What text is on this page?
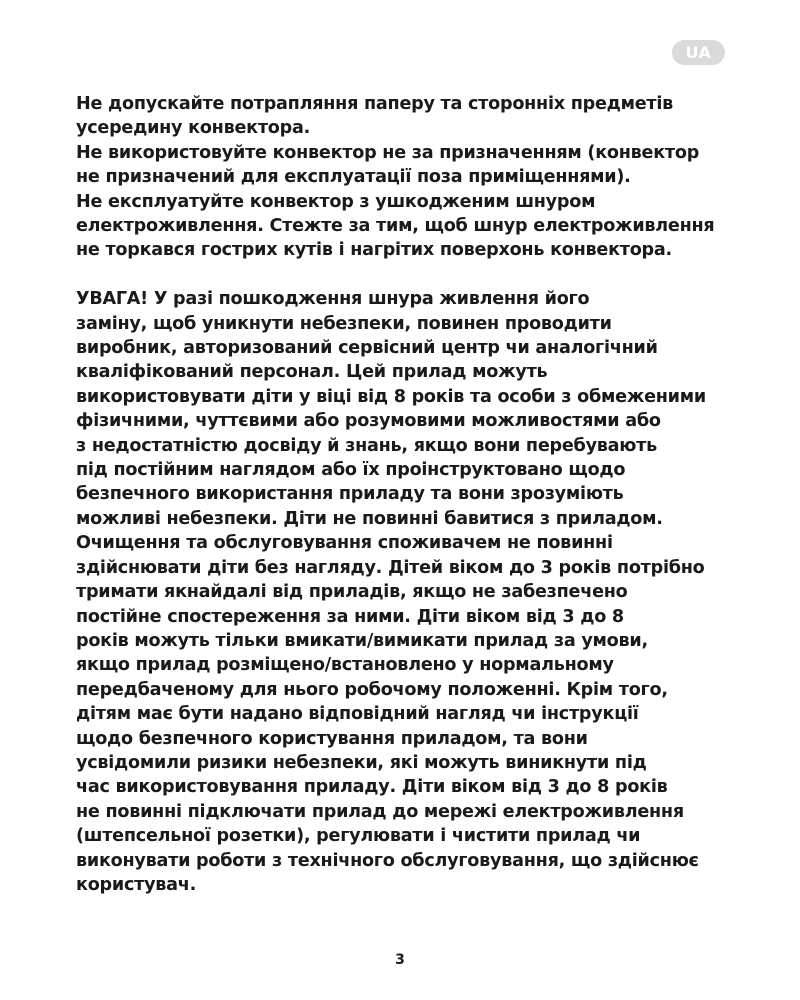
UA
Не допускайте потрапляння паперу та сторонніх предметів
усередину конвектора.
Не використовуйте конвектор не за призначенням (конвектор
не призначений для експлуатації поза приміщеннями).
Не експлуатуйте конвектор з ушкодженим шнуром
електроживлення. Стежте за тим, щоб шнур електроживлення
не торкався гострих кутів і нагрітих поверхонь конвектора.
УВАГА! У разі пошкодження шнура живлення його
заміну, щоб уникнути небезпеки, повинен проводити
виробник, авторизований сервісний центр чи аналогічний
кваліфікований персонал. Цей прилад можуть
використовувати діти у віці від 8 років та особи з обмеженими
фізичними, чуттєвими або розумовими можливостями або
з недостатністю досвіду й знань, якщо вони перебувають
під постійним наглядом або їх проінструктовано щодо
безпечного використання приладу та вони зрозуміють
можливі небезпеки. Діти не повинні бавитися з приладом.
Очищення та обслуговування споживачем не повинні
здійснювати діти без нагляду. Дітей віком до 3 років потрібно
тримати якнайдалі від приладів, якщо не забезпечено
постійне спостереження за ними. Діти віком від 3 до 8
років можуть тільки вмикати/вимикати прилад за умови,
якщо прилад розміщено/встановлено у нормальному
передбаченому для нього робочому положенні. Крім того,
дітям має бути надано відповідний нагляд чи інструкції
щодо безпечного користування приладом, та вони
усвідомили ризики небезпеки, які можуть виникнути під
час використовування приладу. Діти віком від 3 до 8 років
не повинні підключати прилад до мережі електроживлення
(штепсельної розетки), регулювати і чистити прилад чи
виконувати роботи з технічного обслуговування, що здійснює
користувач.
3
